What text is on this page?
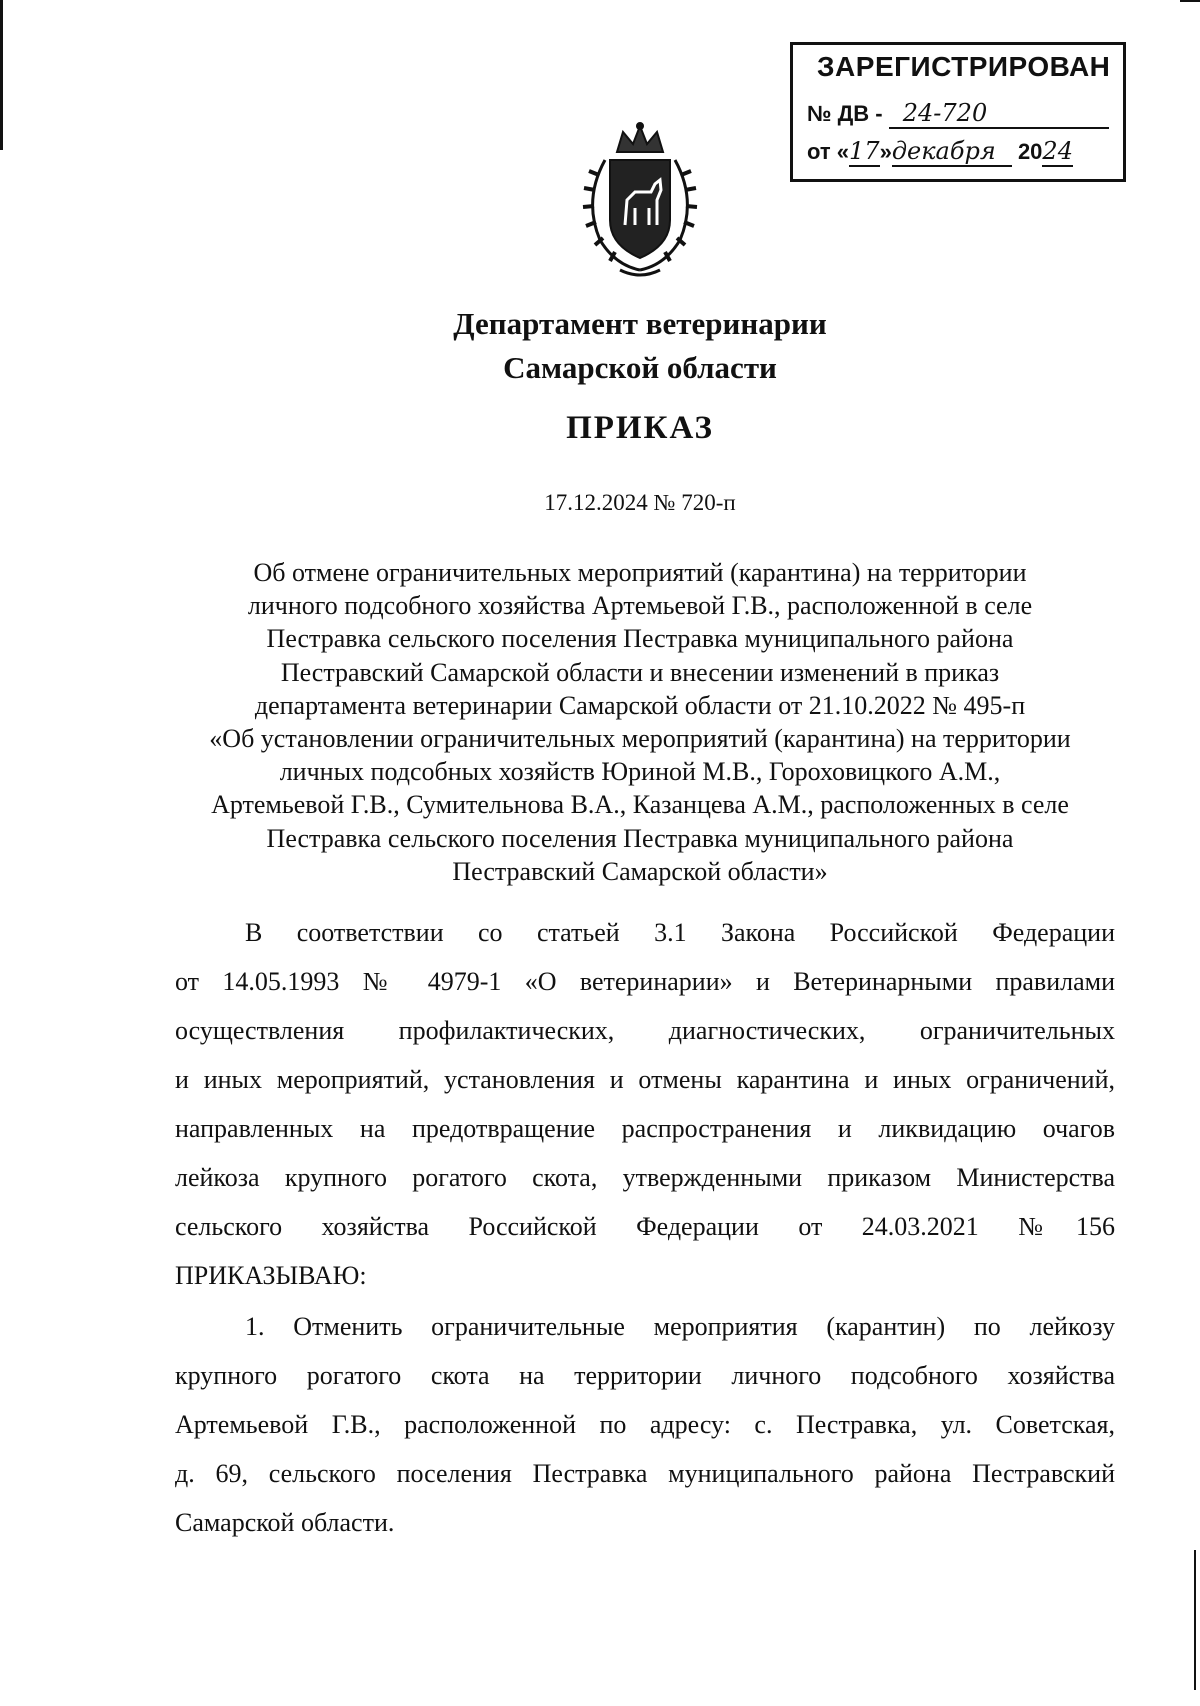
ЗАРЕГИСТРИРОВАН
№ ДВ - 24-720
от «17»декабря 2024
Департамент ветеринарии
Самарской области
ПРИКАЗ
17.12.2024 № 720-п
Об отмене ограничительных мероприятий (карантина) на территории
личного подсобного хозяйства Артемьевой Г.В., расположенной в селе
Пестравка сельского поселения Пестравка муниципального района
Пестравский Самарской области и внесении изменений в приказ
департамента ветеринарии Самарской области от 21.10.2022 № 495-п
«Об установлении ограничительных мероприятий (карантина) на территории
личных подсобных хозяйств Юриной М.В., Гороховицкого А.М.,
Артемьевой Г.В., Сумительнова В.А., Казанцева А.М., расположенных в селе
Пестравка сельского поселения Пестравка муниципального района
Пестравский Самарской области»
В соответствии со статьей 3.1 Закона Российской Федерации
от 14.05.1993 № 4979-1 «О ветеринарии» и Ветеринарными правилами
осуществления профилактических, диагностических, ограничительных
и иных мероприятий, установления и отмены карантина и иных ограничений,
направленных на предотвращение распространения и ликвидацию очагов
лейкоза крупного рогатого скота, утвержденными приказом Министерства
сельского хозяйства Российской Федерации от 24.03.2021 №156
ПРИКАЗЫВАЮ:
1. Отменить ограничительные мероприятия (карантин) по лейкозу
крупного рогатого скота на территории личного подсобного хозяйства
Артемьевой Г.В., расположенной по адресу: с. Пестравка, ул. Советская,
д. 69, сельского поселения Пестравка муниципального района Пестравский
Самарской области.
